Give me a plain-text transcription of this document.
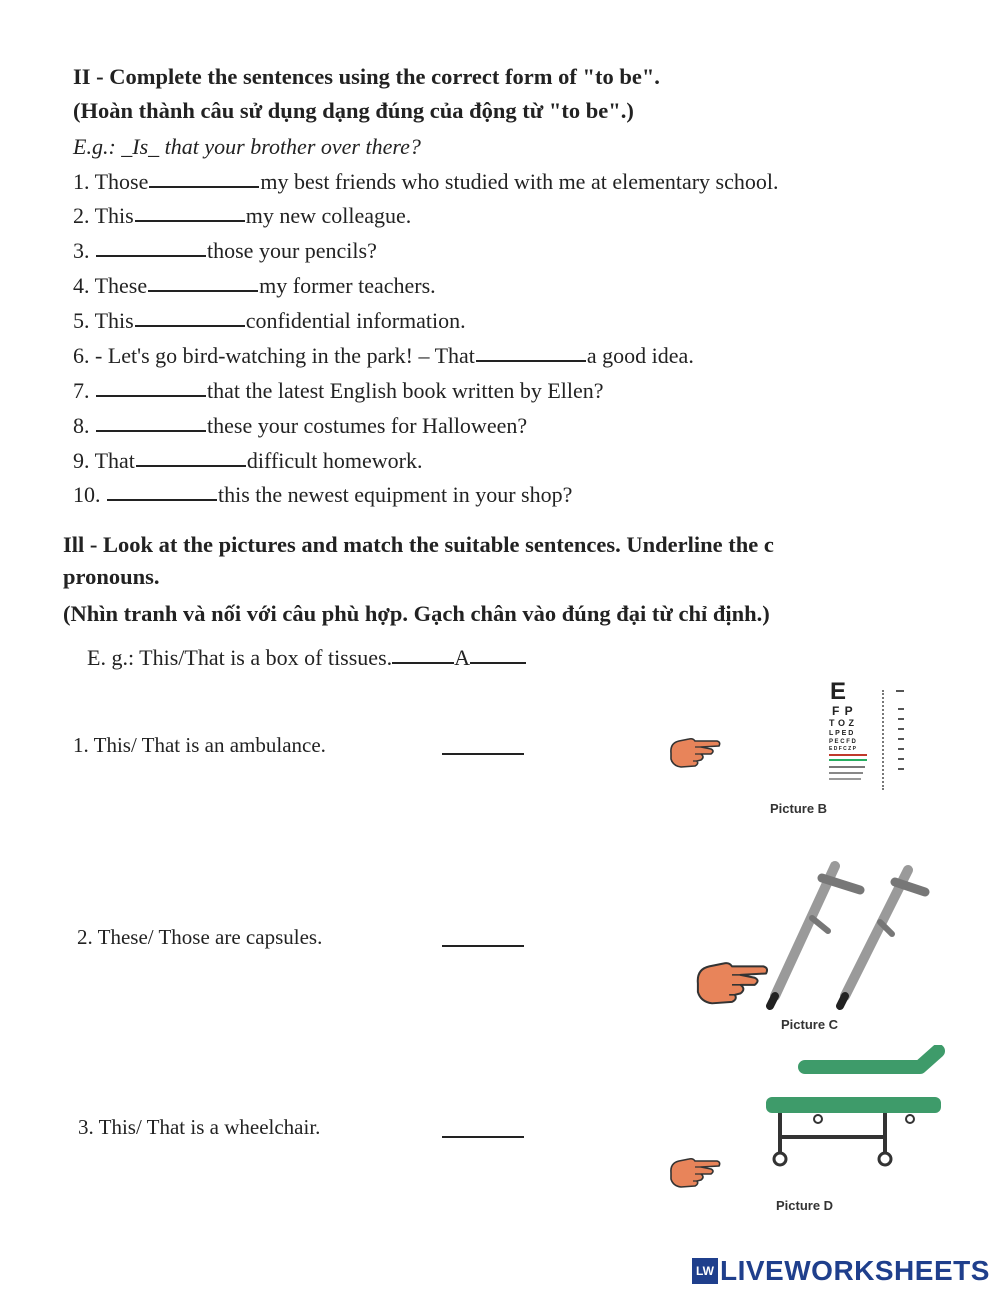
II - Complete the sentences using the correct form of "to be".
(Hoàn thành câu sử dụng dạng đúng của động từ "to be".)
E.g.: _Is_ that your brother over there?
1. Those	my best friends who studied with me at elementary school.
2. This	my new colleague.
3.	those your pencils?
4. These	my former teachers.
5. This	confidential information.
6. - Let's go bird-watching in the park! – That	a good idea.
7.	that the latest English book written by Ellen?
8.	these your costumes for Halloween?
9. That	difficult homework.
10.	this the newest equipment in your shop?
Ill - Look at the pictures and match the suitable sentences. Underline the c
pronouns.
(Nhìn tranh và nối với câu phù hợp. Gạch chân vào đúng đại từ chỉ định.)
E. g.: This/That is a box of tissues.	A
1. This/ That is an ambulance.
2. These/ Those are capsules.
3. This/ That is a wheelchair.
E
F P
T O Z
L P E D
P E C F D
E D F C Z P
Picture B
Picture C
Picture D
LW LIVEWORKSHEETS
